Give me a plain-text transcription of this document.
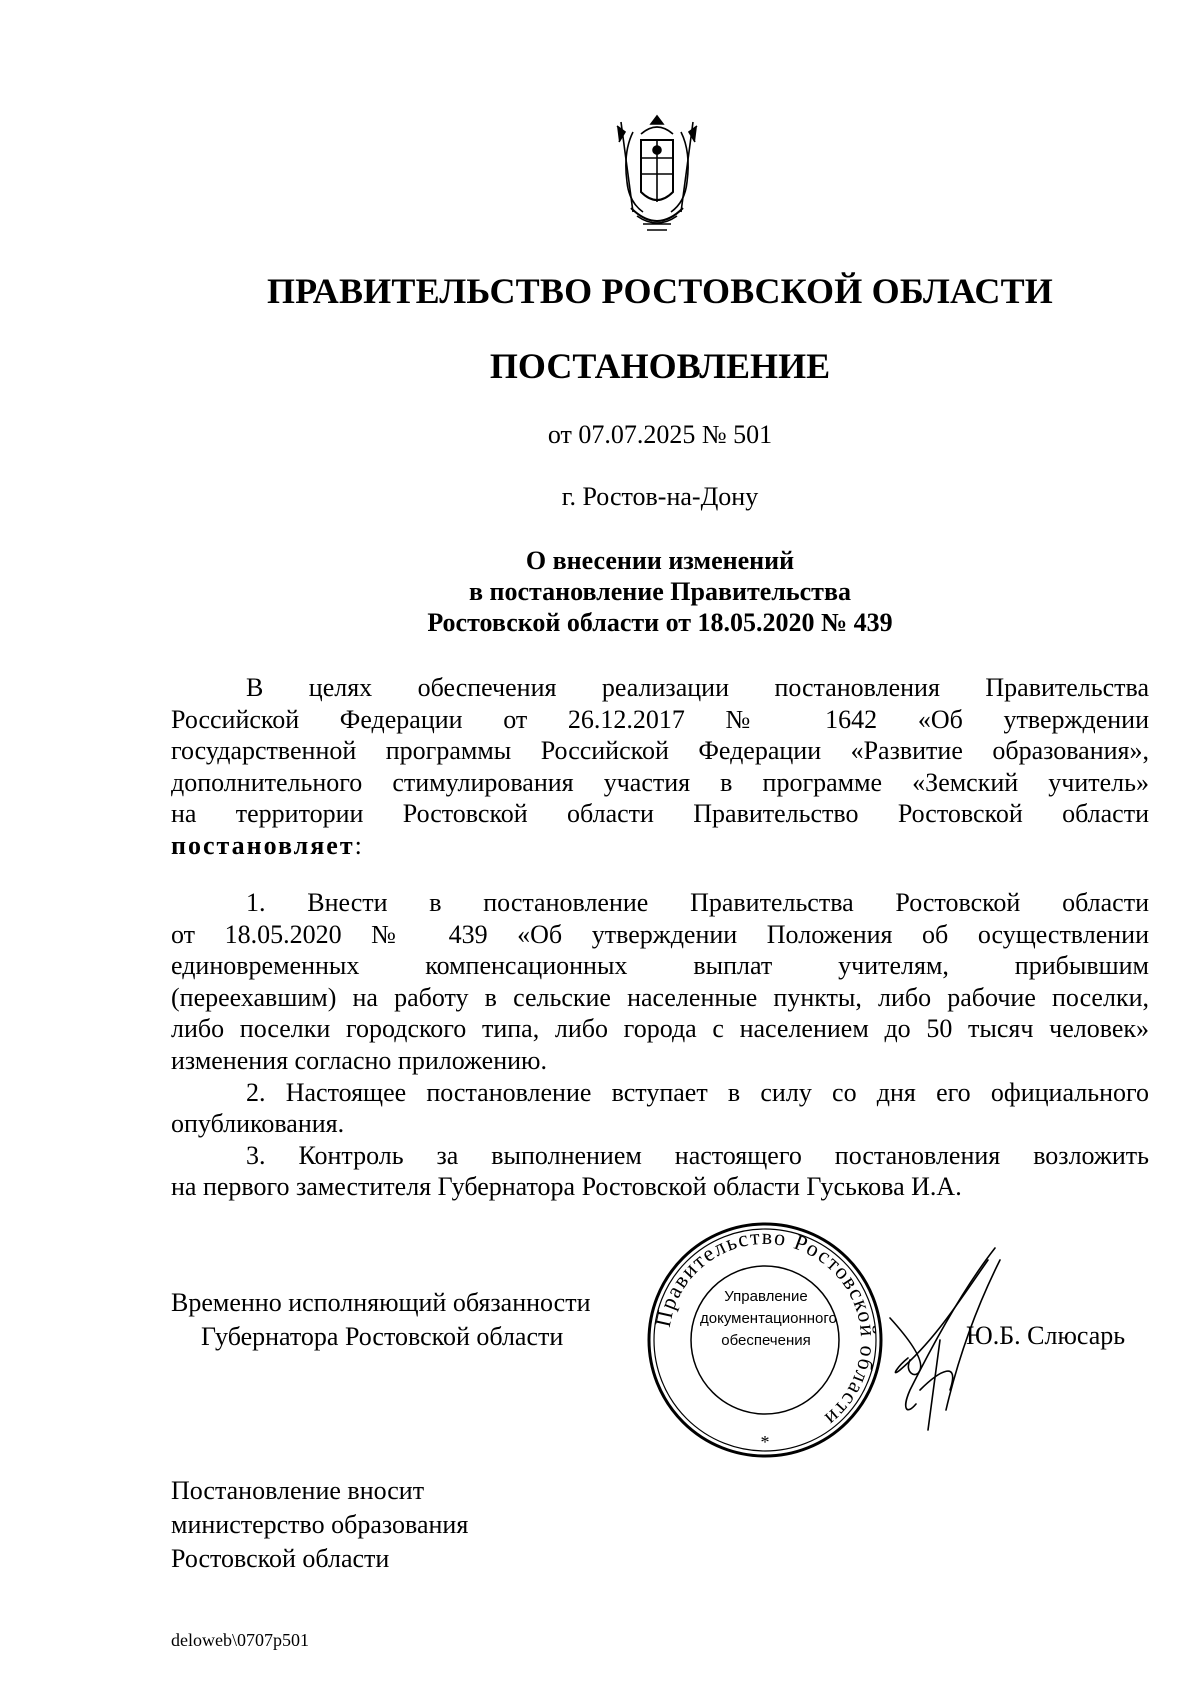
ПРАВИТЕЛЬСТВО РОСТОВСКОЙ ОБЛАСТИ
ПОСТАНОВЛЕНИЕ
от 07.07.2025 № 501
г. Ростов-на-Дону
О внесении изменений
в постановление Правительства
Ростовской области от 18.05.2020 № 439

В целях обеспечения реализации постановления Правительства

Российской Федерации от 26.12.2017 № 1642 «Об утверждении

государственной программы Российской Федерации «Развитие образования»,

дополнительного стимулирования участия в программе «Земский учитель»

на территории Ростовской области Правительство Ростовской области

постановляет:

1. Внести в постановление Правительства Ростовской области

от 18.05.2020 № 439 «Об утверждении Положения об осуществлении

единовременных компенсационных выплат учителям, прибывшим

(переехавшим) на работу в сельские населенные пункты, либо рабочие поселки,

либо поселки городского типа, либо города с населением до 50 тысяч человек»

изменения согласно приложению.

2. Настоящее постановление вступает в силу со дня его официального

опубликования.

3. Контроль за выполнением настоящего постановления возложить

на первого заместителя Губернатора Ростовской области Гуськова И.А.

Временно исполняющий обязанности
Губернатора Ростовской области
Правительство Ростовской области
*
Управление
документационного
обеспечения	Ю.Б. Слюсарь
Постановление вносит
министерство образования
Ростовской области
deloweb\0707p501
